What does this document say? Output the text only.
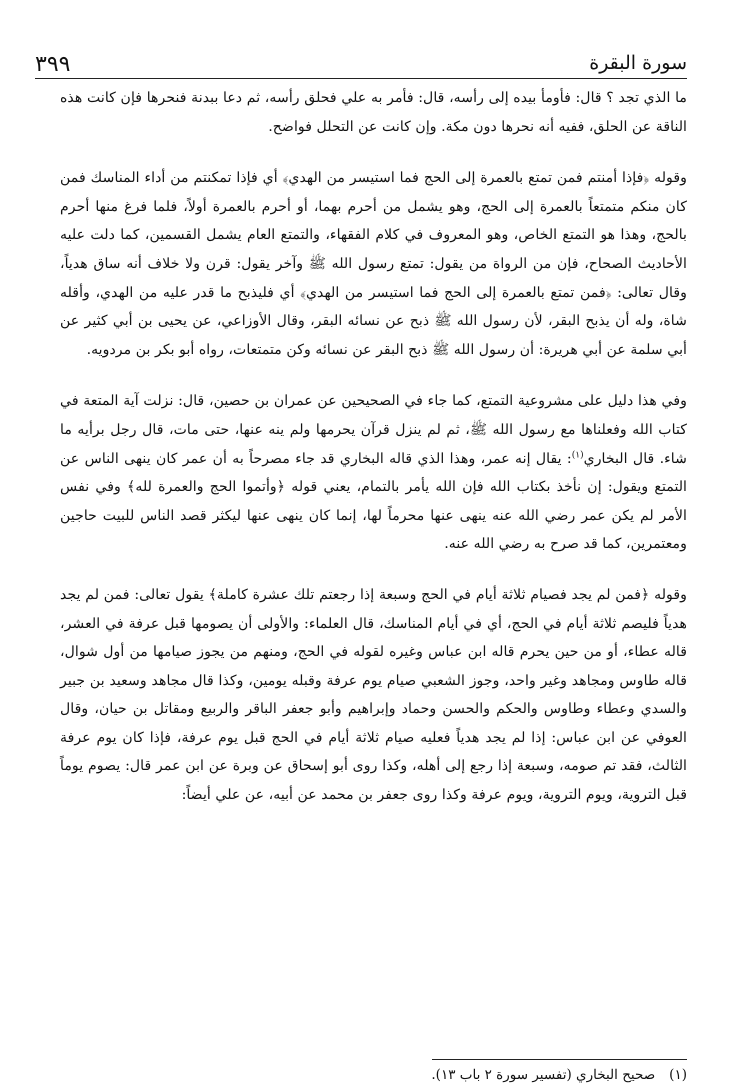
٣٩٩	سورة البقرة

ما الذي تجد ؟ قال: فأومأ بيده إلى رأسه، قال: فأمر به علي فحلق رأسه، ثم دعا ببدنة فنحرها فإن كانت هذه الناقة عن الحلق، ففيه أنه نحرها دون مكة. وإن كانت عن التحلل فواضح.

وقوله ﴿فإذا أمنتم فمن تمتع بالعمرة إلى الحج فما استيسر من الهدي﴾ أي فإذا تمكنتم من أداء المناسك فمن كان منكم متمتعاً بالعمرة إلى الحج، وهو يشمل من أحرم بهما، أو أحرم بالعمرة أولاً، فلما فرغ منها أحرم بالحج، وهذا هو التمتع الخاص، وهو المعروف في كلام الفقهاء، والتمتع العام يشمل القسمين، كما دلت عليه الأحاديث الصحاح، فإن من الرواة من يقول: تمتع رسول الله ﷺ وآخر يقول: قرن ولا خلاف أنه ساق هدياً، وقال تعالى: ﴿فمن تمتع بالعمرة إلى الحج فما استيسر من الهدي﴾ أي فليذبح ما قدر عليه من الهدي، وأقله شاة، وله أن يذبح البقر، لأن رسول الله ﷺ ذبح عن نسائه البقر، وقال الأوزاعي، عن يحيى بن أبي كثير عن أبي سلمة عن أبي هريرة: أن رسول الله ﷺ ذبح البقر عن نسائه وكن متمتعات، رواه أبو بكر بن مردويه.

وفي هذا دليل على مشروعية التمتع، كما جاء في الصحيحين عن عمران بن حصين، قال: نزلت آية المتعة في كتاب الله وفعلناها مع رسول الله ﷺ، ثم لم ينزل قرآن يحرمها ولم ينه عنها، حتى مات، قال رجل برأيه ما شاء. قال البخاري$^{(١)}$: يقال إنه عمر، وهذا الذي قاله البخاري قد جاء مصرحاً به أن عمر كان ينهى الناس عن التمتع ويقول: إن نأخذ بكتاب الله فإن الله يأمر بالتمام، يعني قوله ﴿وأتموا الحج والعمرة لله﴾ وفي نفس الأمر لم يكن عمر رضي الله عنه ينهى عنها محرماً لها، إنما كان ينهى عنها ليكثر قصد الناس للبيت حاجين ومعتمرين، كما قد صرح به رضي الله عنه.

وقوله ﴿فمن لم يجد فصيام ثلاثة أيام في الحج وسبعة إذا رجعتم تلك عشرة كاملة﴾ يقول تعالى: فمن لم يجد هدياً فليصم ثلاثة أيام في الحج، أي في أيام المناسك، قال العلماء: والأولى أن يصومها قبل عرفة في العشر، قاله عطاء، أو من حين يحرم قاله ابن عباس وغيره لقوله في الحج، ومنهم من يجوز صيامها من أول شوال، قاله طاوس ومجاهد وغير واحد، وجوز الشعبي صيام يوم عرفة وقبله يومين، وكذا قال مجاهد وسعيد بن جبير والسدي وعطاء وطاوس والحكم والحسن وحماد وإبراهيم وأبو جعفر الباقر والربيع ومقاتل بن حيان، وقال العوفي عن ابن عباس: إذا لم يجد هدياً فعليه صيام ثلاثة أيام في الحج قبل يوم عرفة، فإذا كان يوم عرفة الثالث، فقد تم صومه، وسبعة إذا رجع إلى أهله، وكذا روى أبو إسحاق عن وبرة عن ابن عمر قال: يصوم يوماً قبل التروية، ويوم التروية، ويوم عرفة وكذا روى جعفر بن محمد عن أبيه، عن علي أيضاً:

(١)صحيح البخاري (تفسير سورة ٢ باب ١٣).
